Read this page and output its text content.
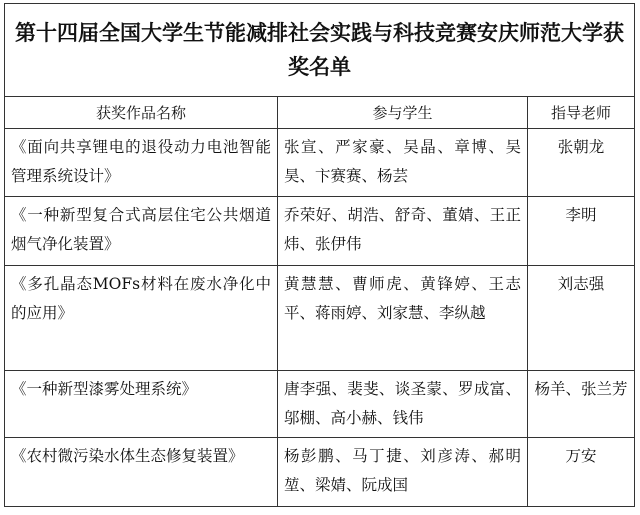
第十四届全国大学生节能减排社会实践与科技竞赛安庆师范大学获奖名单		
获奖作品名称	参与学生	指导老师
《面向共享锂电的退役动力电池智能管理系统设计》	张宣、严家豪、吴晶、章博、吴昊、卞赛赛、杨芸	张朝龙
《一种新型复合式高层住宅公共烟道烟气净化装置》	乔荣好、胡浩、舒奇、董婧、王正炜、张伊伟	李明
《多孔晶态MOFs材料在废水净化中的应用》	黄慧慧、曹师虎、黄锋婷、王志平、蒋雨婷、刘家慧、李纵越	刘志强
《一种新型漆雾处理系统》	唐李强、裴斐、谈圣蒙、罗成富、邬棚、高小赫、钱伟	杨羊、张兰芳
《农村微污染水体生态修复装置》	杨彭鹏、马丁捷、刘彦涛、郝明堃、梁婧、阮成国	万安
